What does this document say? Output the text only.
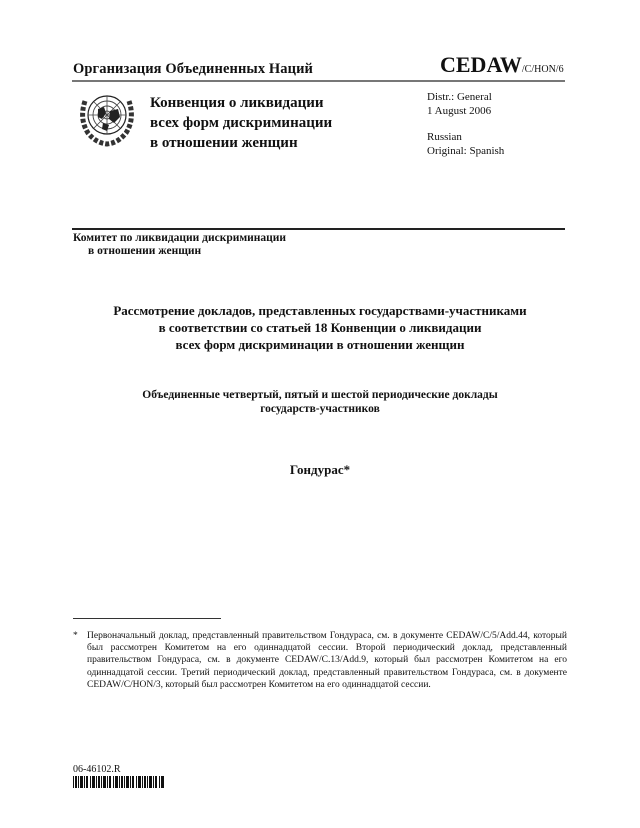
Организация Объединенных Наций	CEDAW/C/HON/6
Конвенция о ликвидации
всех форм дискриминации
в отношении женщин
Distr.: General
1 August 2006
Russian
Original: Spanish
Комитет по ликвидации дискриминации
в отношении женщин
Рассмотрение докладов, представленных государствами-участниками
в соответствии со статьей 18 Конвенции о ликвидации
всех форм дискриминации в отношении женщин
Объединенные четвертый, пятый и шестой периодические доклады
государств-участников
Гондурас*
* Первоначальный доклад, представленный правительством Гондураса, см. в документе CEDAW/C/5/Add.44, который был рассмотрен Комитетом на его одиннадцатой сессии. Второй периодический доклад, представленный правительством Гондураса, см. в документе CEDAW/C.13/Add.9, который был рассмотрен Комитетом на его одиннадцатой сессии. Третий периодический доклад, представленный правительством Гондураса, см. в документе CEDAW/C/HON/3, который был рассмотрен Комитетом на его одиннадцатой сессии.
06-46102.R
